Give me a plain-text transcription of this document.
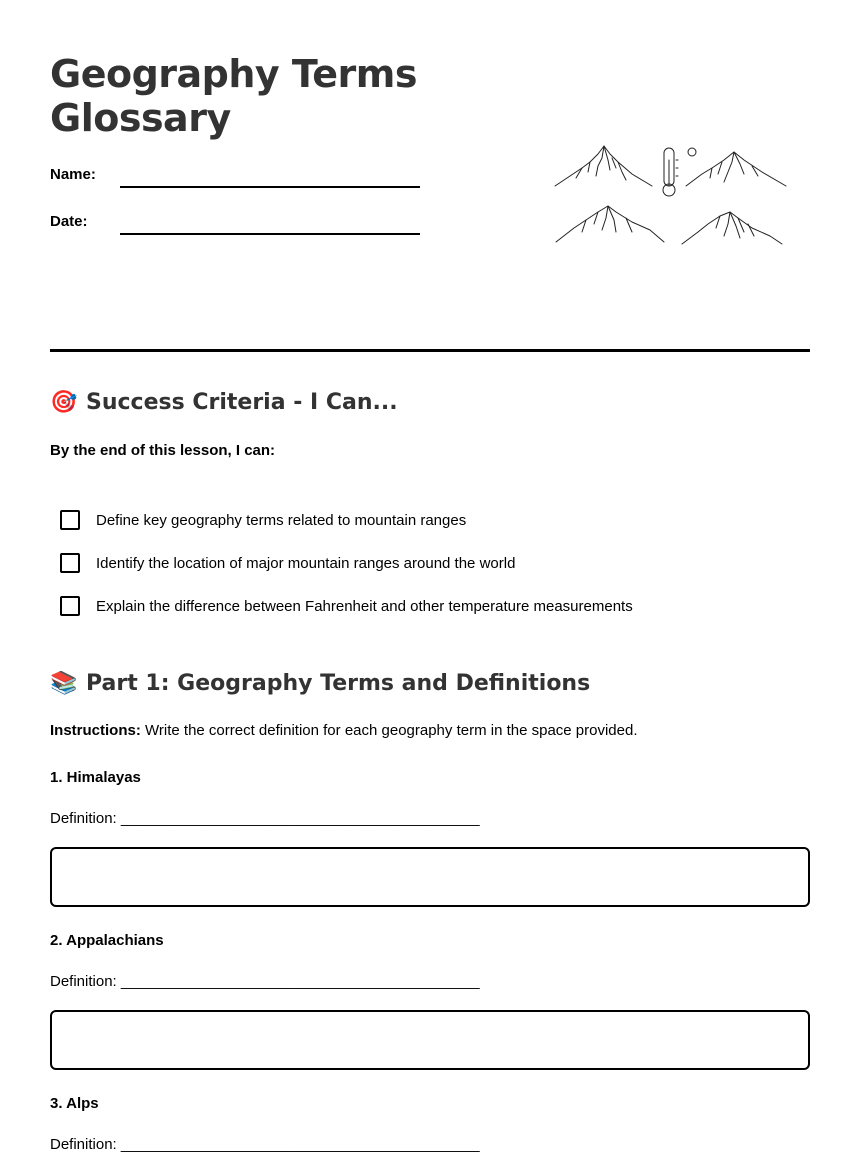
Geography Terms Glossary
Name:
Date:
🎯 Success Criteria - I Can...
By the end of this lesson, I can:
Define key geography terms related to mountain ranges
Identify the location of major mountain ranges around the world
Explain the difference between Fahrenheit and other temperature measurements
📚 Part 1: Geography Terms and Definitions
Instructions: Write the correct definition for each geography term in the space provided.
1. Himalayas
Definition: ___________________________________________
2. Appalachians
Definition: ___________________________________________
3. Alps
Definition: ___________________________________________
